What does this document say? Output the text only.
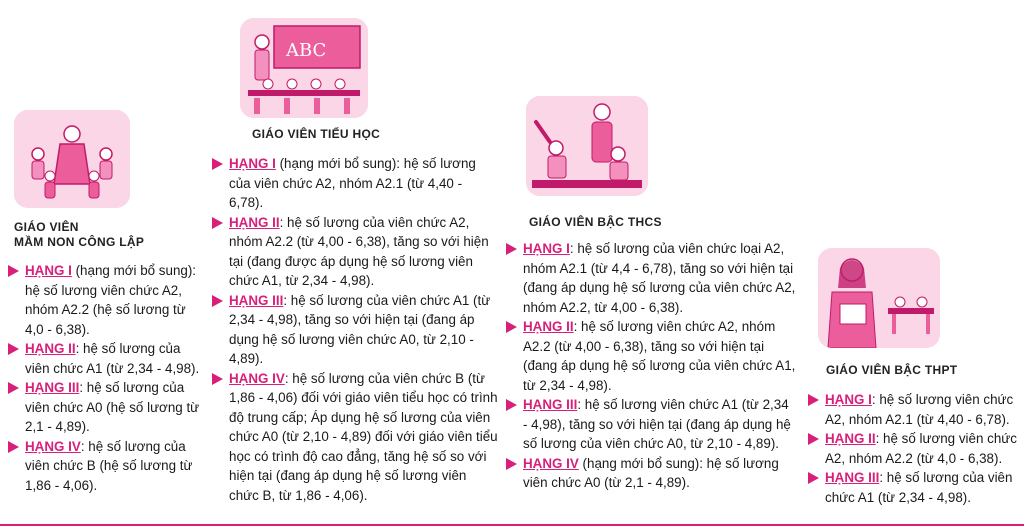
GIÁO VIÊN
MẦM NON CÔNG LẬP

HẠNG I (hạng mới bổ sung): hệ số lương viên chức A2, nhóm A2.2 (hệ số lương từ 4,0 - 6,38).

HẠNG II: hệ số lương của viên chức A1 (từ 2,34 - 4,98).

HẠNG III: hệ số lương của viên chức A0 (hệ số lương từ 2,1 - 4,89).

HẠNG IV: hệ số lương của viên chức B (hệ số lương từ 1,86 - 4,06).

ABC
GIÁO VIÊN TIỂU HỌC

HẠNG I (hạng mới bổ sung): hệ số lương của viên chức A2, nhóm A2.1 (từ 4,40 - 6,78).

HẠNG II: hệ số lương của viên chức A2, nhóm A2.2 (từ 4,00 - 6,38), tăng so với hiện tại (đang được áp dụng hệ số lương viên chức A1, từ 2,34 - 4,98).

HẠNG III: hệ số lương của viên chức A1 (từ 2,34 - 4,98), tăng so với hiện tại (đang áp dụng hệ số lương viên chức A0, từ 2,10 - 4,89).

HẠNG IV: hệ số lương của viên chức B (từ 1,86 - 4,06) đối với giáo viên tiểu học có trình độ trung cấp; Áp dụng hệ số lương của viên chức A0 (từ 2,10 - 4,89) đối với giáo viên tiểu học có trình độ cao đẳng, tăng hệ số so với hiện tại (đang áp dụng hệ số lương viên chức B, từ 1,86 - 4,06).

GIÁO VIÊN BẬC THCS

HẠNG I: hệ số lương của viên chức loại A2, nhóm A2.1 (từ 4,4 - 6,78), tăng so với hiện tại (đang áp dụng hệ số lương của viên chức A2, nhóm A2.2, từ 4,00 - 6,38).

HẠNG II: hệ số lương viên chức A2, nhóm A2.2 (từ 4,00 - 6,38), tăng so với hiện tại (đang áp dụng hệ số lương của viên chức A1, từ 2,34 - 4,98).

HẠNG III: hệ số lương viên chức A1 (từ 2,34 - 4,98), tăng so với hiện tại (đang áp dụng hệ số lương của viên chức A0, từ 2,10 - 4,89).

HẠNG IV (hạng mới bổ sung): hệ số lương viên chức A0 (từ 2,1 - 4,89).

GIÁO VIÊN BẬC THPT

HẠNG I: hệ số lương viên chức A2, nhóm A2.1 (từ 4,40 - 6,78).

HẠNG II: hệ số lương viên chức A2, nhóm A2.2 (từ 4,0 - 6,38).

HẠNG III: hệ số lương của viên chức A1 (từ 2,34 - 4,98).
